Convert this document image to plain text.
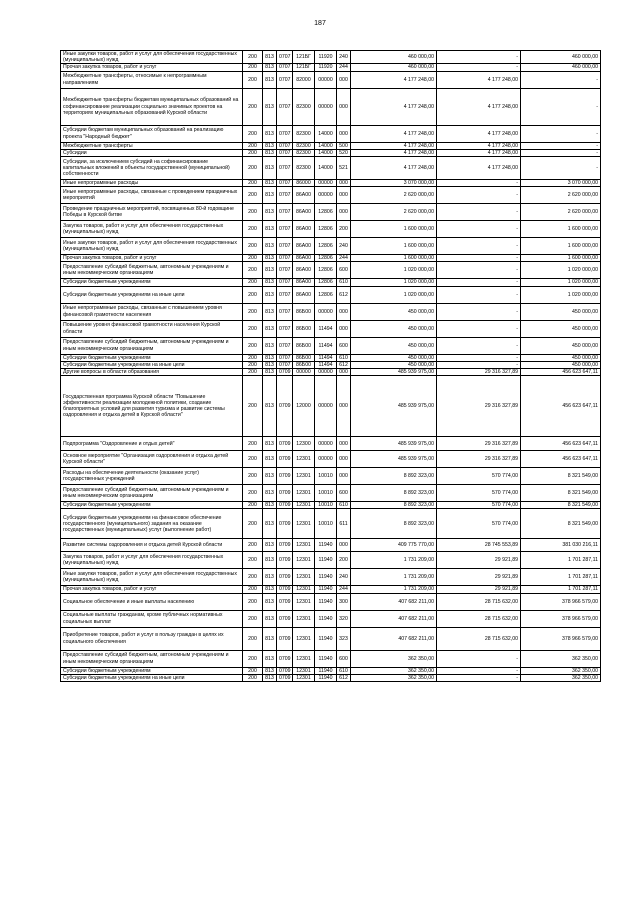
187
Иные закупки товаров, работ и услуг для обеспечения государственных (муниципальных) нужд	200	813	0707	121БГ	11920	240	460 000,00	-	460 000,00
Прочая закупка товаров, работ и услуг	200	813	0707	121БГ	11920	244	460 000,00	-	460 000,00
Межбюджетные трансферты, относимые к непрограммным направлениям	200	813	0707	82000	00000	000	4 177 248,00	4 177 248,00	-
Межбюджетные трансферты бюджетам муниципальных образований на софинансирование реализации социально значимых проектов на территориях муниципальных образований Курской области	200	813	0707	82300	00000	000	4 177 248,00	4 177 248,00	-
Субсидии бюджетам муниципальных образований на реализацию проекта "Народный бюджет"	200	813	0707	82300	14000	000	4 177 248,00	4 177 248,00	-
Межбюджетные трансферты	200	813	0707	82300	14000	500	4 177 248,00	4 177 248,00	-
Субсидии	200	813	0707	82300	14000	520	4 177 248,00	4 177 248,00	-
Субсидии, за исключением субсидий на софинансирование капитальных вложений в объекты государственной (муниципальной) собственности	200	813	0707	82300	14000	521	4 177 248,00	4 177 248,00	-
Иные непрограммные расходы	200	813	0707	86000	00000	000	3 070 000,00	-	3 070 000,00
Иные непрограммные расходы, связанные с проведением праздничных мероприятий	200	813	0707	86А00	00000	000	2 620 000,00	-	2 620 000,00
Проведение праздничных мероприятий, посвященных 80-й годовщине Победы в Курской битве	200	813	0707	86А00	12806	000	2 620 000,00	-	2 620 000,00
Закупка товаров, работ и услуг для обеспечения государственных (муниципальных) нужд	200	813	0707	86А00	12806	200	1 600 000,00	-	1 600 000,00
Иные закупки товаров, работ и услуг для обеспечения государственных (муниципальных) нужд	200	813	0707	86А00	12806	240	1 600 000,00	-	1 600 000,00
Прочая закупка товаров, работ и услуг	200	813	0707	86А00	12806	244	1 600 000,00	-	1 600 000,00
Предоставление субсидий бюджетным, автономным учреждениям и иным некоммерческим организациям	200	813	0707	86А00	12806	600	1 020 000,00	-	1 020 000,00
Субсидии бюджетным учреждениям	200	813	0707	86А00	12806	610	1 020 000,00	-	1 020 000,00
Субсидии бюджетным учреждениям на иные цели	200	813	0707	86А00	12806	612	1 020 000,00	-	1 020 000,00
Иные непрограммные расходы, связанные с повышением уровня финансовой грамотности населения	200	813	0707	86Б00	00000	000	450 000,00	-	450 000,00
Повышение уровня финансовой грамотности населения Курской области	200	813	0707	86Б00	11494	000	450 000,00	-	450 000,00
Предоставление субсидий бюджетным, автономным учреждениям и иным некоммерческим организациям	200	813	0707	86Б00	11494	600	450 000,00	-	450 000,00
Субсидии бюджетным учреждениям	200	813	0707	86Б00	11494	610	450 000,00	-	450 000,00
Субсидии бюджетным учреждениям на иные цели	200	813	0707	86Б00	11494	612	450 000,00	-	450 000,00
Другие вопросы в области образования	200	813	0709	00000	00000	000	485 939 975,00	29 316 327,89	456 623 647,11
Государственная программа Курской области "Повышение эффективности реализации молодежной политики, создание благоприятных условий для развития туризма и развитие системы оздоровления и отдыха детей в Курской области"	200	813	0709	12000	00000	000	485 939 975,00	29 316 327,89	456 623 647,11
Подпрограмма "Оздоровление и отдых детей"	200	813	0709	12300	00000	000	485 939 975,00	29 316 327,89	456 623 647,11
Основное мероприятие "Организация оздоровления и отдыха детей Курской области"	200	813	0709	12301	00000	000	485 939 975,00	29 316 327,89	456 623 647,11
Расходы на обеспечение деятельности (оказание услуг) государственных учреждений	200	813	0709	12301	10010	000	8 892 323,00	570 774,00	8 321 549,00
Предоставление субсидий бюджетным, автономным учреждениям и иным некоммерческим организациям	200	813	0709	12301	10010	600	8 892 323,00	570 774,00	8 321 549,00
Субсидии бюджетным учреждениям	200	813	0709	12301	10010	610	8 892 323,00	570 774,00	8 321 549,00
Субсидии бюджетным учреждениям на финансовое обеспечение государственного (муниципального) задания на оказание государственных (муниципальных) услуг (выполнение работ)	200	813	0709	12301	10010	611	8 892 323,00	570 774,00	8 321 549,00
Развитие системы оздоровления и отдыха детей Курской области	200	813	0709	12301	11940	000	409 775 770,00	28 745 553,89	381 030 216,11
Закупка товаров, работ и услуг для обеспечения государственных (муниципальных) нужд	200	813	0709	12301	11940	200	1 731 209,00	29 921,89	1 701 287,11
Иные закупки товаров, работ и услуг для обеспечения государственных (муниципальных) нужд	200	813	0709	12301	11940	240	1 731 209,00	29 921,89	1 701 287,11
Прочая закупка товаров, работ и услуг	200	813	0709	12301	11940	244	1 731 209,00	29 921,89	1 701 287,11
Социальное обеспечение и иные выплаты населению	200	813	0709	12301	11940	300	407 682 211,00	28 715 632,00	378 966 579,00
Социальные выплаты гражданам, кроме публичных нормативных социальных выплат	200	813	0709	12301	11940	320	407 682 211,00	28 715 632,00	378 966 579,00
Приобретение товаров, работ и услуг в пользу граждан в целях их социального обеспечения	200	813	0709	12301	11940	323	407 682 211,00	28 715 632,00	378 966 579,00
Предоставление субсидий бюджетным, автономным учреждениям и иным некоммерческим организациям	200	813	0709	12301	11940	600	362 350,00	-	362 350,00
Субсидии бюджетным учреждениям	200	813	0709	12301	11940	610	362 350,00	-	362 350,00
Субсидии бюджетным учреждениям на иные цели	200	813	0709	12301	11940	612	362 350,00	-	362 350,00
